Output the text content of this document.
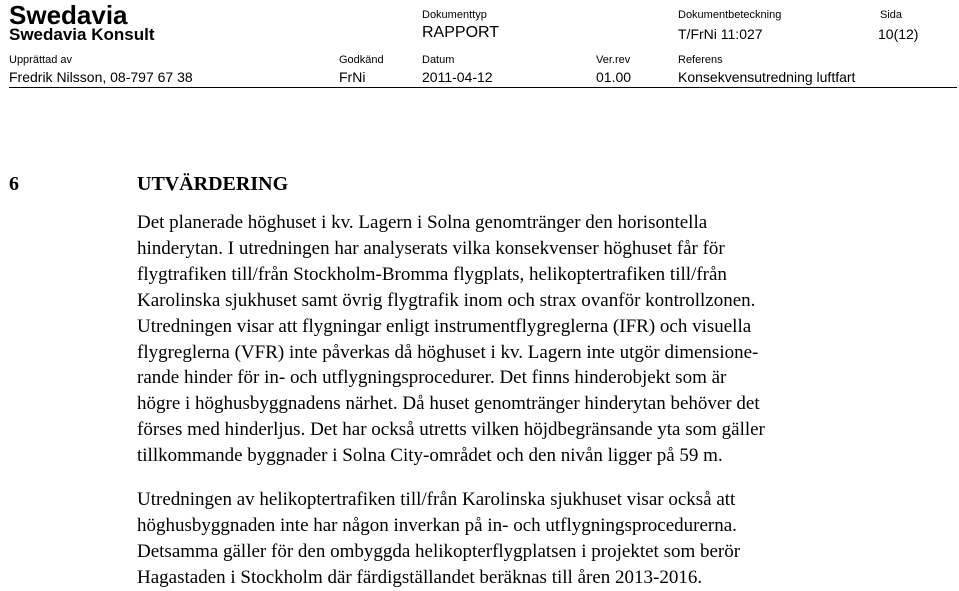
Swedavia
Swedavia Konsult
Dokumenttyp	Dokumentbeteckning	Sida
RAPPORT	T/FrNi 11:027	10(12)
Upprättad av	Godkänd	Datum	Ver.rev	Referens
Fredrik Nilsson, 08-797 67 38	FrNi	2011-04-12	01.00	Konsekvensutredning luftfart
6	UTVÄRDERING
Det planerade höghuset i kv. Lagern i Solna genomtränger den horisontella
hinderytan. I utredningen har analyserats vilka konsekvenser höghuset får för
flygtrafiken till/från Stockholm-Bromma flygplats, helikoptertrafiken till/från
Karolinska sjukhuset samt övrig flygtrafik inom och strax ovanför kontrollzonen.
Utredningen visar att flygningar enligt instrumentflygreglerna (IFR) och visuella
flygreglerna (VFR) inte påverkas då höghuset i kv. Lagern inte utgör dimensione-
rande hinder för in- och utflygningsprocedurer. Det finns hinderobjekt som är
högre i höghusbyggnadens närhet. Då huset genomtränger hinderytan behöver det
förses med hinderljus. Det har också utretts vilken höjdbegränsande yta som gäller
tillkommande byggnader i Solna City-området och den nivån ligger på 59 m.
Utredningen av helikoptertrafiken till/från Karolinska sjukhuset visar också att
höghusbyggnaden inte har någon inverkan på in- och utflygningsprocedurerna.
Detsamma gäller för den ombyggda helikopterflygplatsen i projektet som berör
Hagastaden i Stockholm där färdigställandet beräknas till åren 2013-2016.
